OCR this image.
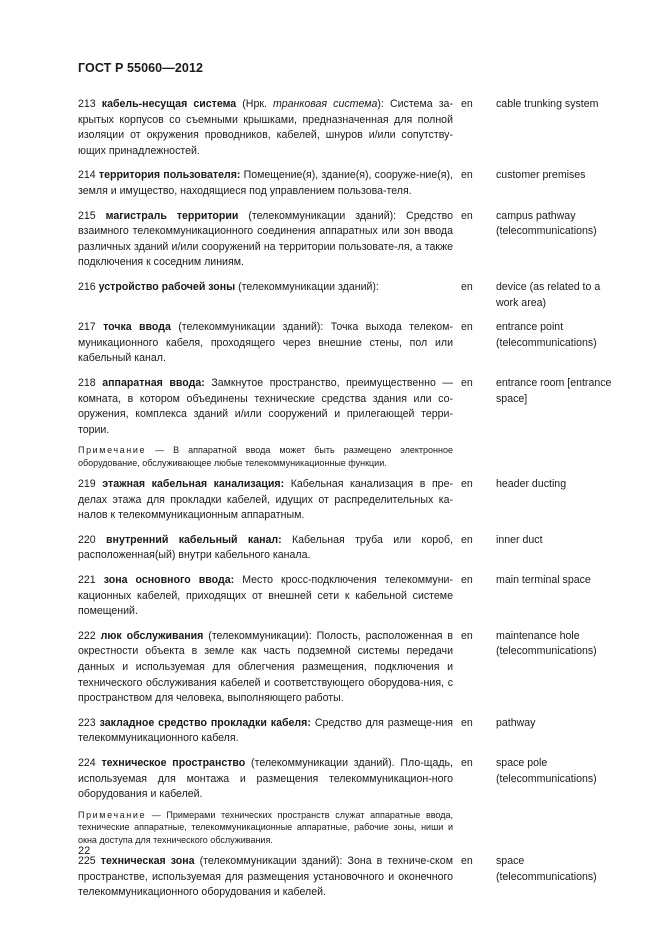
ГОСТ Р 55060—2012
213 кабель-несущая система (Нрк. транковая система): Система за-крытых корпусов со съемными крышками, предназначенная для полной изоляции от окружения проводников, кабелей, шнуров и/или сопутству-ющих принадлежностей.
en	cable trunking system
214 территория пользователя: Помещение(я), здание(я), сооруже-ние(я), земля и имущество, находящиеся под управлением пользова-теля.
en	customer premises
215 магистраль территории (телекоммуникации зданий): Средство взаимного телекоммуникационного соединения аппаратных или зон ввода различных зданий и/или сооружений на территории пользовате-ля, а также подключения к соседним линиям.
en	campus pathway (telecommunications)
216 устройство рабочей зоны (телекоммуникации зданий):	en	device (as related to a work area)
217 точка ввода (телекоммуникации зданий): Точка выхода телеком-муникационного кабеля, проходящего через внешние стены, пол или кабельный канал.
en	entrance point (telecommunications)
218 аппаратная ввода: Замкнутое пространство, преимущественно — комната, в котором объединены технические средства здания или со-оружения, комплекса зданий и/или сооружений и прилегающей терри-тории.
en	entrance room [entrance space]
Примечание — В аппаратной ввода может быть размещено электронное оборудование, обслуживающее любые телекоммуникационные функции.
219 этажная кабельная канализация: Кабельная канализация в пре-делах этажа для прокладки кабелей, идущих от распределительных ка-налов к телекоммуникационным аппаратным.
en	header ducting
220 внутренний кабельный канал: Кабельная труба или короб, расположенная(ый) внутри кабельного канала.
en	inner duct
221 зона основного ввода: Место кросс-подключения телекоммуни-кационных кабелей, приходящих от внешней сети к кабельной системе помещений.
en	main terminal space
222 люк обслуживания (телекоммуникации): Полость, расположенная в окрестности объекта в земле как часть подземной системы передачи данных и используемая для облегчения размещения, подключения и технического обслуживания кабелей и соответствующего оборудова-ния, с пространством для человека, выполняющего работы.
en	maintenance hole (telecommunications)
223 закладное средство прокладки кабеля: Средство для размеще-ния телекоммуникационного кабеля.
en	pathway
224 техническое пространство (телекоммуникации зданий). Пло-щадь, используемая для монтажа и размещения телекоммуникацион-ного оборудования и кабелей.
en	space pole (telecommunications)
Примечание — Примерами технических пространств служат аппаратные ввода, технические аппаратные, телекоммуникационные аппаратные, рабочие зоны, ниши и окна доступа для технического обслуживания.
225 техническая зона (телекоммуникации зданий): Зона в техниче-ском пространстве, используемая для размещения установочного и оконечного телекоммуникационного оборудования и кабелей.
en	space (telecommunications)
22
